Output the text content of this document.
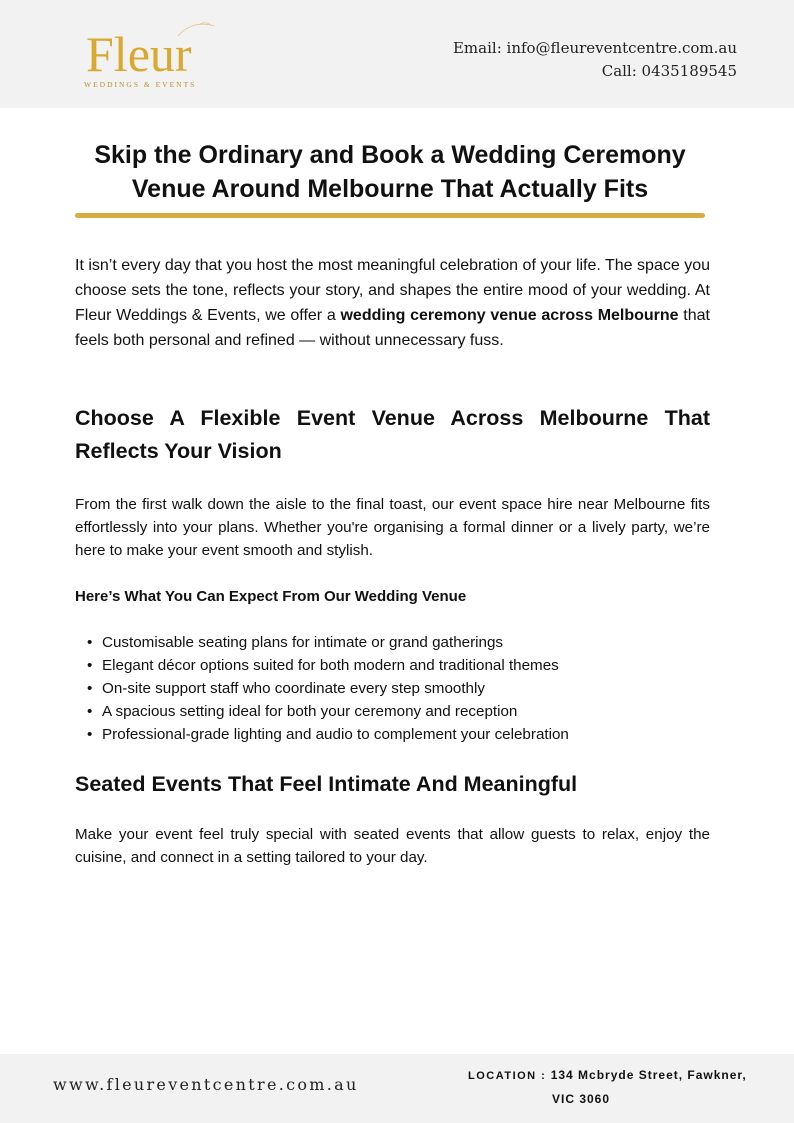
Fleur
WEDDINGS & EVENTS
Email: info@fleureventcentre.com.au
Call: 0435189545
Skip the Ordinary and Book a Wedding Ceremony Venue Around Melbourne That Actually Fits

It isn’t every day that you host the most meaningful celebration of your life. The space you choose sets the tone, reflects your story, and shapes the entire mood of your wedding. At Fleur Weddings & Events, we offer a wedding ceremony venue across Melbourne that feels both personal and refined — without unnecessary fuss.

Choose A Flexible Event Venue Across Melbourne That Reflects Your Vision

From the first walk down the aisle to the final toast, our event space hire near Melbourne fits effortlessly into your plans. Whether you're organising a formal dinner or a lively party, we’re here to make your event smooth and stylish.

Here’s What You Can Expect From Our Wedding Venue
• Customisable seating plans for intimate or grand gatherings
• Elegant décor options suited for both modern and traditional themes
• On-site support staff who coordinate every step smoothly
• A spacious setting ideal for both your ceremony and reception
• Professional-grade lighting and audio to complement your celebration
Seated Events That Feel Intimate And Meaningful

Make your event feel truly special with seated events that allow guests to relax, enjoy the cuisine, and connect in a setting tailored to your day.

www.fleureventcentre.com.au	LOCATION : 134 Mcbryde Street, Fawkner,
VIC 3060
